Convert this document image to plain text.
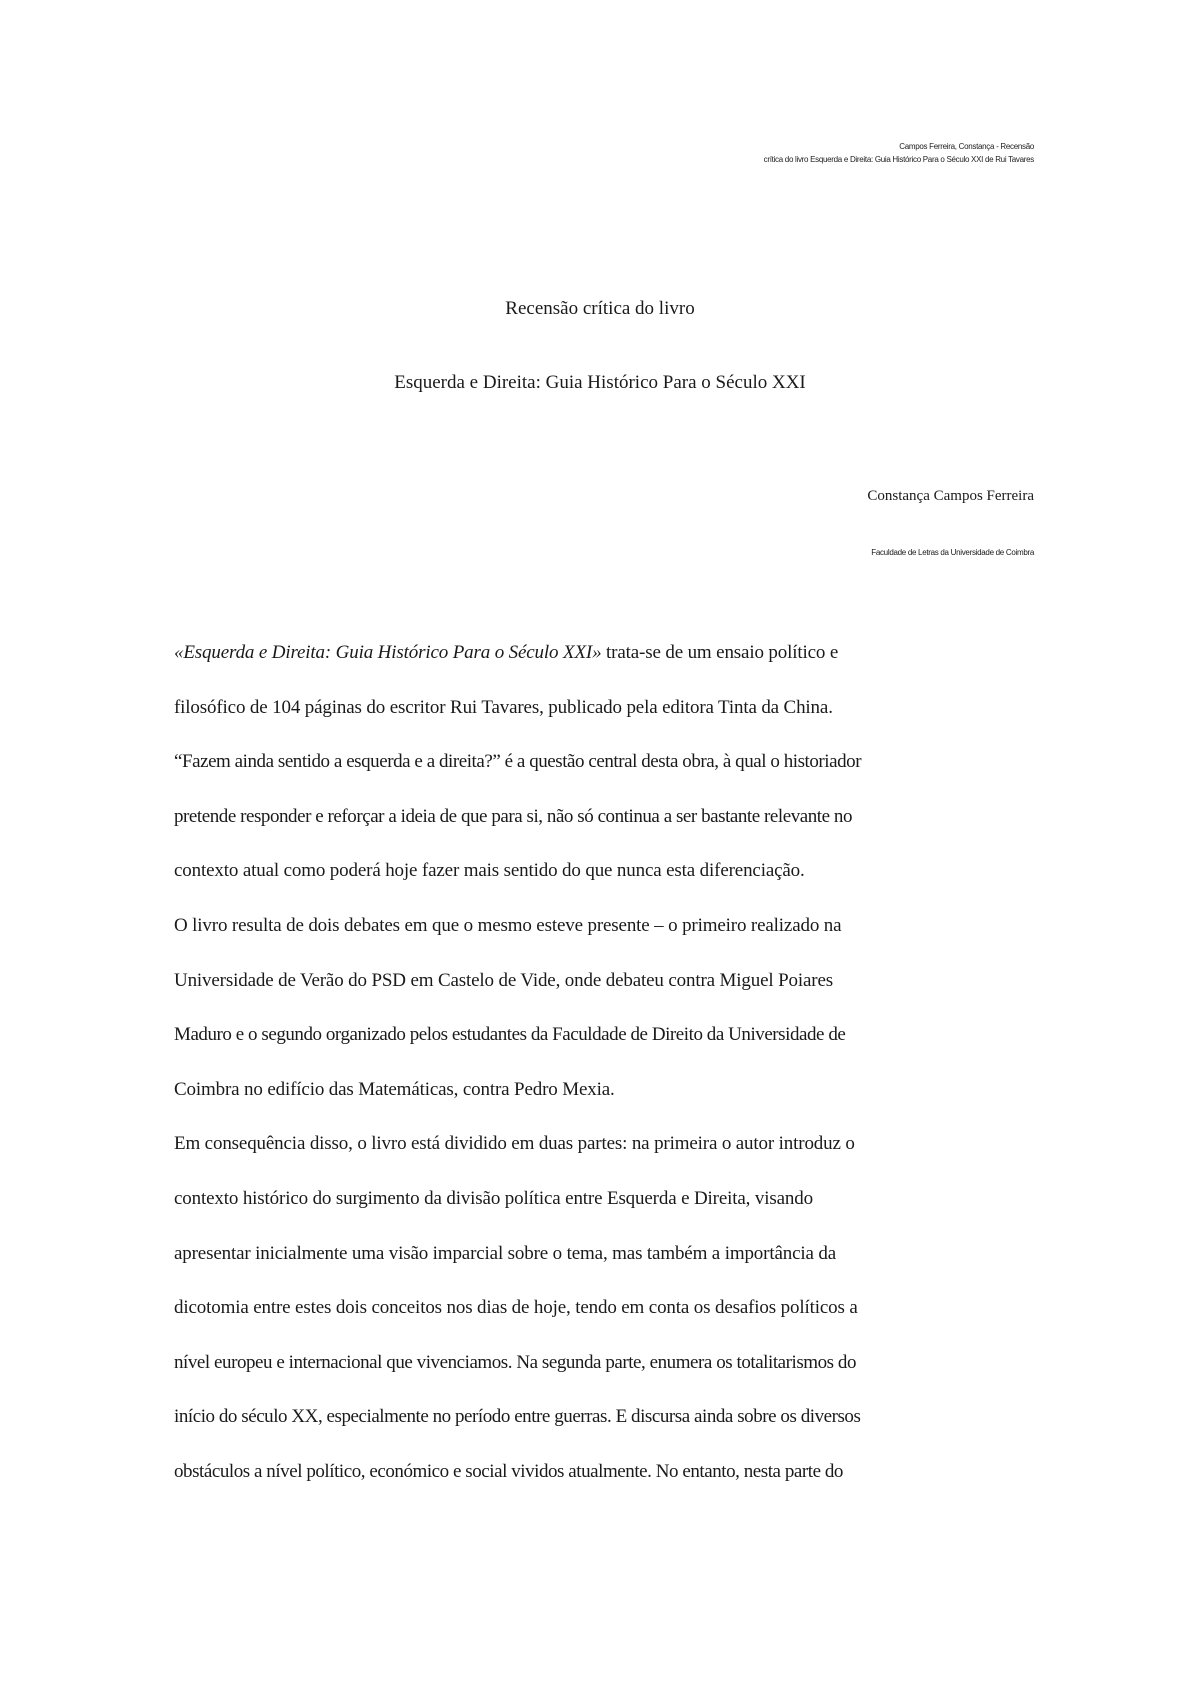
Campos Ferreira, Constança - Recensão
crítica do livro Esquerda e Direita: Guia Histórico Para o Século XXI de Rui Tavares
Recensão crítica do livro
Esquerda e Direita: Guia Histórico Para o Século XXI
Constança Campos Ferreira
Faculdade de Letras da Universidade de Coimbra
«Esquerda e Direita: Guia Histórico Para o Século XXI» trata-se de um ensaio político e
filosófico de 104 páginas do escritor Rui Tavares, publicado pela editora Tinta da China.
“Fazem ainda sentido a esquerda e a direita?” é a questão central desta obra, à qual o historiador
pretende responder e reforçar a ideia de que para si, não só continua a ser bastante relevante no
contexto atual como poderá hoje fazer mais sentido do que nunca esta diferenciação.
O livro resulta de dois debates em que o mesmo esteve presente – o primeiro realizado na
Universidade de Verão do PSD em Castelo de Vide, onde debateu contra Miguel Poiares
Maduro e o segundo organizado pelos estudantes da Faculdade de Direito da Universidade de
Coimbra no edifício das Matemáticas, contra Pedro Mexia.
Em consequência disso, o livro está dividido em duas partes: na primeira o autor introduz o
contexto histórico do surgimento da divisão política entre Esquerda e Direita, visando
apresentar inicialmente uma visão imparcial sobre o tema, mas também a importância da
dicotomia entre estes dois conceitos nos dias de hoje, tendo em conta os desafios políticos a
nível europeu e internacional que vivenciamos. Na segunda parte, enumera os totalitarismos do
início do século XX, especialmente no período entre guerras. E discursa ainda sobre os diversos
obstáculos a nível político, económico e social vividos atualmente. No entanto, nesta parte do
